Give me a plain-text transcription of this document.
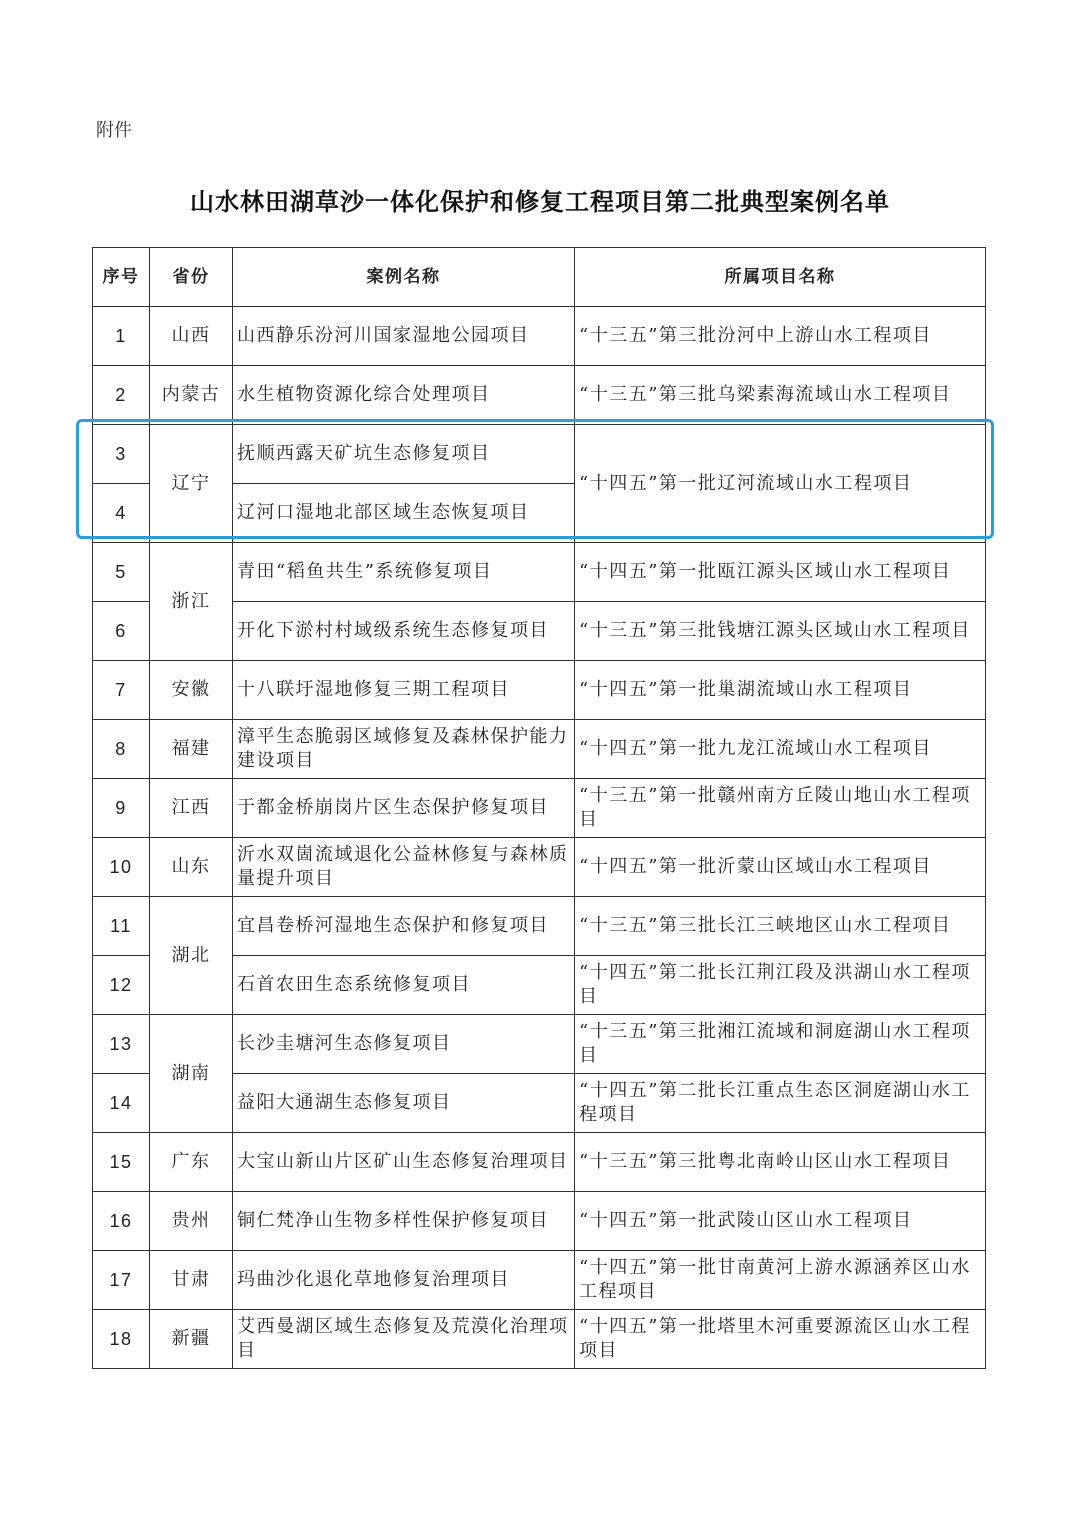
附件
山水林田湖草沙一体化保护和修复工程项目第二批典型案例名单
序号	省份	案例名称	所属项目名称
1	山西	山西静乐汾河川国家湿地公园项目	“十三五”第三批汾河中上游山水工程项目
2	内蒙古	水生植物资源化综合处理项目	“十三五”第三批乌梁素海流域山水工程项目
3	辽宁	抚顺西露天矿坑生态修复项目	“十四五”第一批辽河流域山水工程项目
4		辽河口湿地北部区域生态恢复项目	
5	浙江	青田“稻鱼共生”系统修复项目	“十四五”第一批瓯江源头区域山水工程项目
6		开化下淤村村域级系统生态修复项目	“十三五”第三批钱塘江源头区域山水工程项目
7	安徽	十八联圩湿地修复三期工程项目	“十四五”第一批巢湖流域山水工程项目
8	福建	漳平生态脆弱区域修复及森林保护能力建设项目	“十四五”第一批九龙江流域山水工程项目
9	江西	于都金桥崩岗片区生态保护修复项目	“十三五”第一批赣州南方丘陵山地山水工程项目
10	山东	沂水双崮流域退化公益林修复与森林质量提升项目	“十四五”第一批沂蒙山区域山水工程项目
11	湖北	宜昌卷桥河湿地生态保护和修复项目	“十三五”第三批长江三峡地区山水工程项目
12		石首农田生态系统修复项目	“十四五”第二批长江荆江段及洪湖山水工程项目
13	湖南	长沙圭塘河生态修复项目	“十三五”第三批湘江流域和洞庭湖山水工程项目
14		益阳大通湖生态修复项目	“十四五”第二批长江重点生态区洞庭湖山水工程项目
15	广东	大宝山新山片区矿山生态修复治理项目	“十三五”第三批粤北南岭山区山水工程项目
16	贵州	铜仁梵净山生物多样性保护修复项目	“十四五”第一批武陵山区山水工程项目
17	甘肃	玛曲沙化退化草地修复治理项目	“十四五”第一批甘南黄河上游水源涵养区山水工程项目
18	新疆	艾西曼湖区域生态修复及荒漠化治理项目	“十四五”第一批塔里木河重要源流区山水工程项目
